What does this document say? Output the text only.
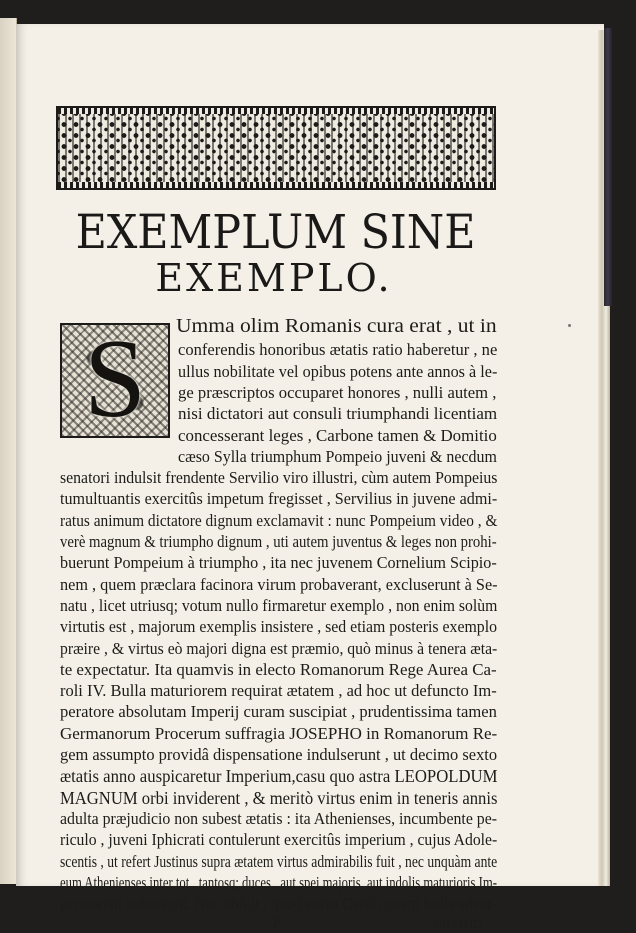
EXEMPLUM SINE
EXEMPLO.
S	Umma olim Romanis cura erat , ut in
conferendis honoribus ætatis ratio haberetur , ne
ullus nobilitate vel opibus potens ante annos à le-
ge præscriptos occuparet honores , nulli autem ,
nisi dictatori aut consuli triumphandi licentiam
concesserant leges , Carbone tamen & Domitio
cæso Sylla triumphum Pompeio juveni & necdum
senatori indulsit frendente Servilio viro illustri, cùm autem Pompeius
tumultuantis exercitûs impetum fregisset , Servilius in juvene admi-
ratus animum dictatore dignum exclamavit : nunc Pompeium video , &
verè magnum & triumpho dignum , uti autem juventus & leges non prohi-
buerunt Pompeium à triumpho , ita nec juvenem Cornelium Scipio-
nem , quem præclara facinora virum probaverant, excluserunt à Se-
natu , licet utriusq; votum nullo firmaretur exemplo , non enim solùm
virtutis est , majorum exemplis insistere , sed etiam posteris exemplo
præire , & virtus eò majori digna est præmio, quò minus à tenera æta-
te expectatur. Ita quamvis in electo Romanorum Rege Aurea Ca-
roli IV. Bulla maturiorem requirat ætatem , ad hoc ut defuncto Im-
peratore absolutam Imperij curam suscipiat , prudentissima tamen
Germanorum Procerum suffragia JOSEPHO in Romanorum Re-
gem assumpto providâ dispensatione indulserunt , ut decimo sexto
ætatis anno auspicaretur Imperium,casu quo astra LEOPOLDUM
MAGNUM orbi inviderent , & meritò virtus enim in teneris annis
adulta præjudicio non subest ætatis : ita Athenienses, incumbente pe-
riculo , juveni Iphicrati contulerunt exercitûs imperium , cujus Adole-
scentis , ut refert Justinus supra ætatem virtus admirabilis fuit , nec unquàm ante
eum Athenienses inter tot , tantosq; duces , aut spei majoris, aut indolis maturioris Im-
peratorem habuerunt. Nec obfuit , quod aurea Caroli quarti bulla adver-
P	saretur:
